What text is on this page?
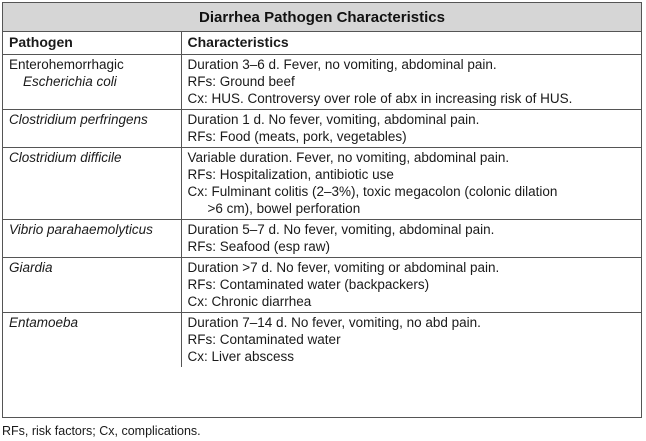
Diarrhea Pathogen Characteristics
Pathogen	Characteristics

Enterohemorrhagic
Escherichia coli	Duration 3–6 d. Fever, no vomiting, abdominal pain.
RFs: Ground beef
Cx: HUS. Controversy over role of abx in increasing risk of HUS.

Clostridium perfringens	Duration 1 d. No fever, vomiting, abdominal pain.
RFs: Food (meats, pork, vegetables)

Clostridium difficile	Variable duration. Fever, no vomiting, abdominal pain.
RFs: Hospitalization, antibiotic use
Cx: Fulminant colitis (2–3%), toxic megacolon (colonic dilation
>6 cm), bowel perforation

Vibrio parahaemolyticus	Duration 5–7 d. No fever, vomiting, abdominal pain.
RFs: Seafood (esp raw)

Giardia	Duration >7 d. No fever, vomiting or abdominal pain.
RFs: Contaminated water (backpackers)
Cx: Chronic diarrhea

Entamoeba	Duration 7–14 d. No fever, vomiting, no abd pain.
RFs: Contaminated water
Cx: Liver abscess
RFs, risk factors; Cx, complications.
